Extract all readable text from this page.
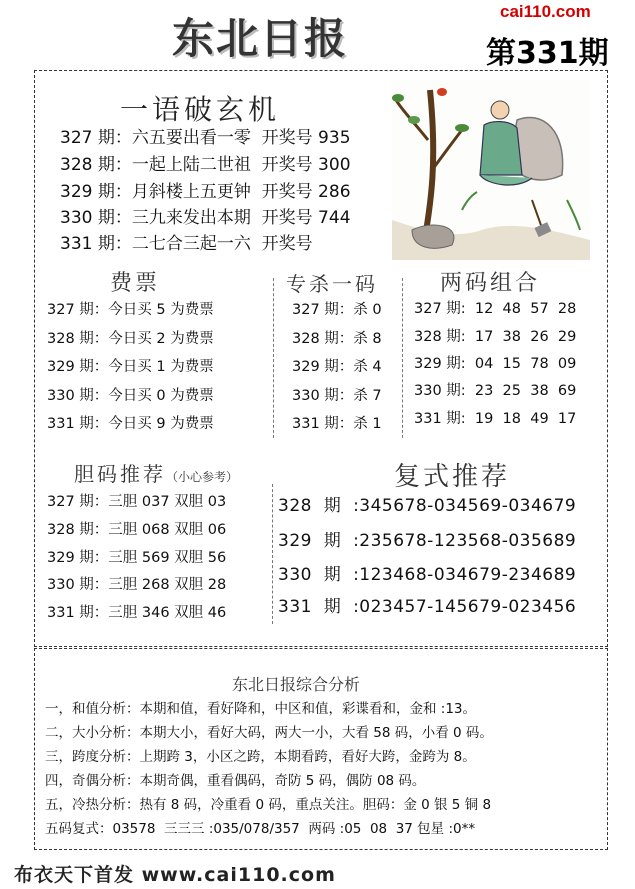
东北日报
cai110.com
第331期
一语破玄机
327 期：六五要出看一零  开奖号 935
328 期：一起上陆二世祖  开奖号 300
329 期：月斜楼上五更钟  开奖号 286
330 期：三九来发出本期  开奖号 744
331 期：二七合三起一六  开奖号
费票
327 期：今日买 5 为费票
328 期：今日买 2 为费票
329 期：今日买 1 为费票
330 期：今日买 0 为费票
331 期：今日买 9 为费票
专杀一码
327 期：杀 0
328 期：杀 8
329 期：杀 4
330 期：杀 7
331 期：杀 1
两码组合
327 期:  12  48  57  28
328 期:  17  38  26  29
329 期:  04  15  78  09
330 期:  23  25  38  69
331 期:  19  18  49  17
胆码推荐（小心参考）
327 期：三胆 037 双胆 03
328 期：三胆 068 双胆 06
329 期：三胆 569 双胆 56
330 期：三胆 268 双胆 28
331 期：三胆 346 双胆 46
复式推荐
328  期  :345678-034569-034679
329  期  :235678-123568-035689
330  期  :123468-034679-234689
331  期  :023457-145679-023456
东北日报综合分析
一，和值分析：本期和值，看好降和，中区和值，彩谍看和，金和 :13。
二，大小分析：本期大小，看好大码，两大一小，大看 58 码，小看 0 码。
三，跨度分析：上期跨 3，小区之跨，本期看跨，看好大跨，金跨为 8。
四，奇偶分析：本期奇偶，重看偶码，奇防 5 码，偶防 08 码。
五，冷热分析：热有 8 码，冷重看 0 码，重点关注。胆码：金 0 银 5 铜 8
五码复式：03578  三三三 :035/078/357  两码 :05  08  37 包星 :0**
布衣天下首发 www.cai110.com
